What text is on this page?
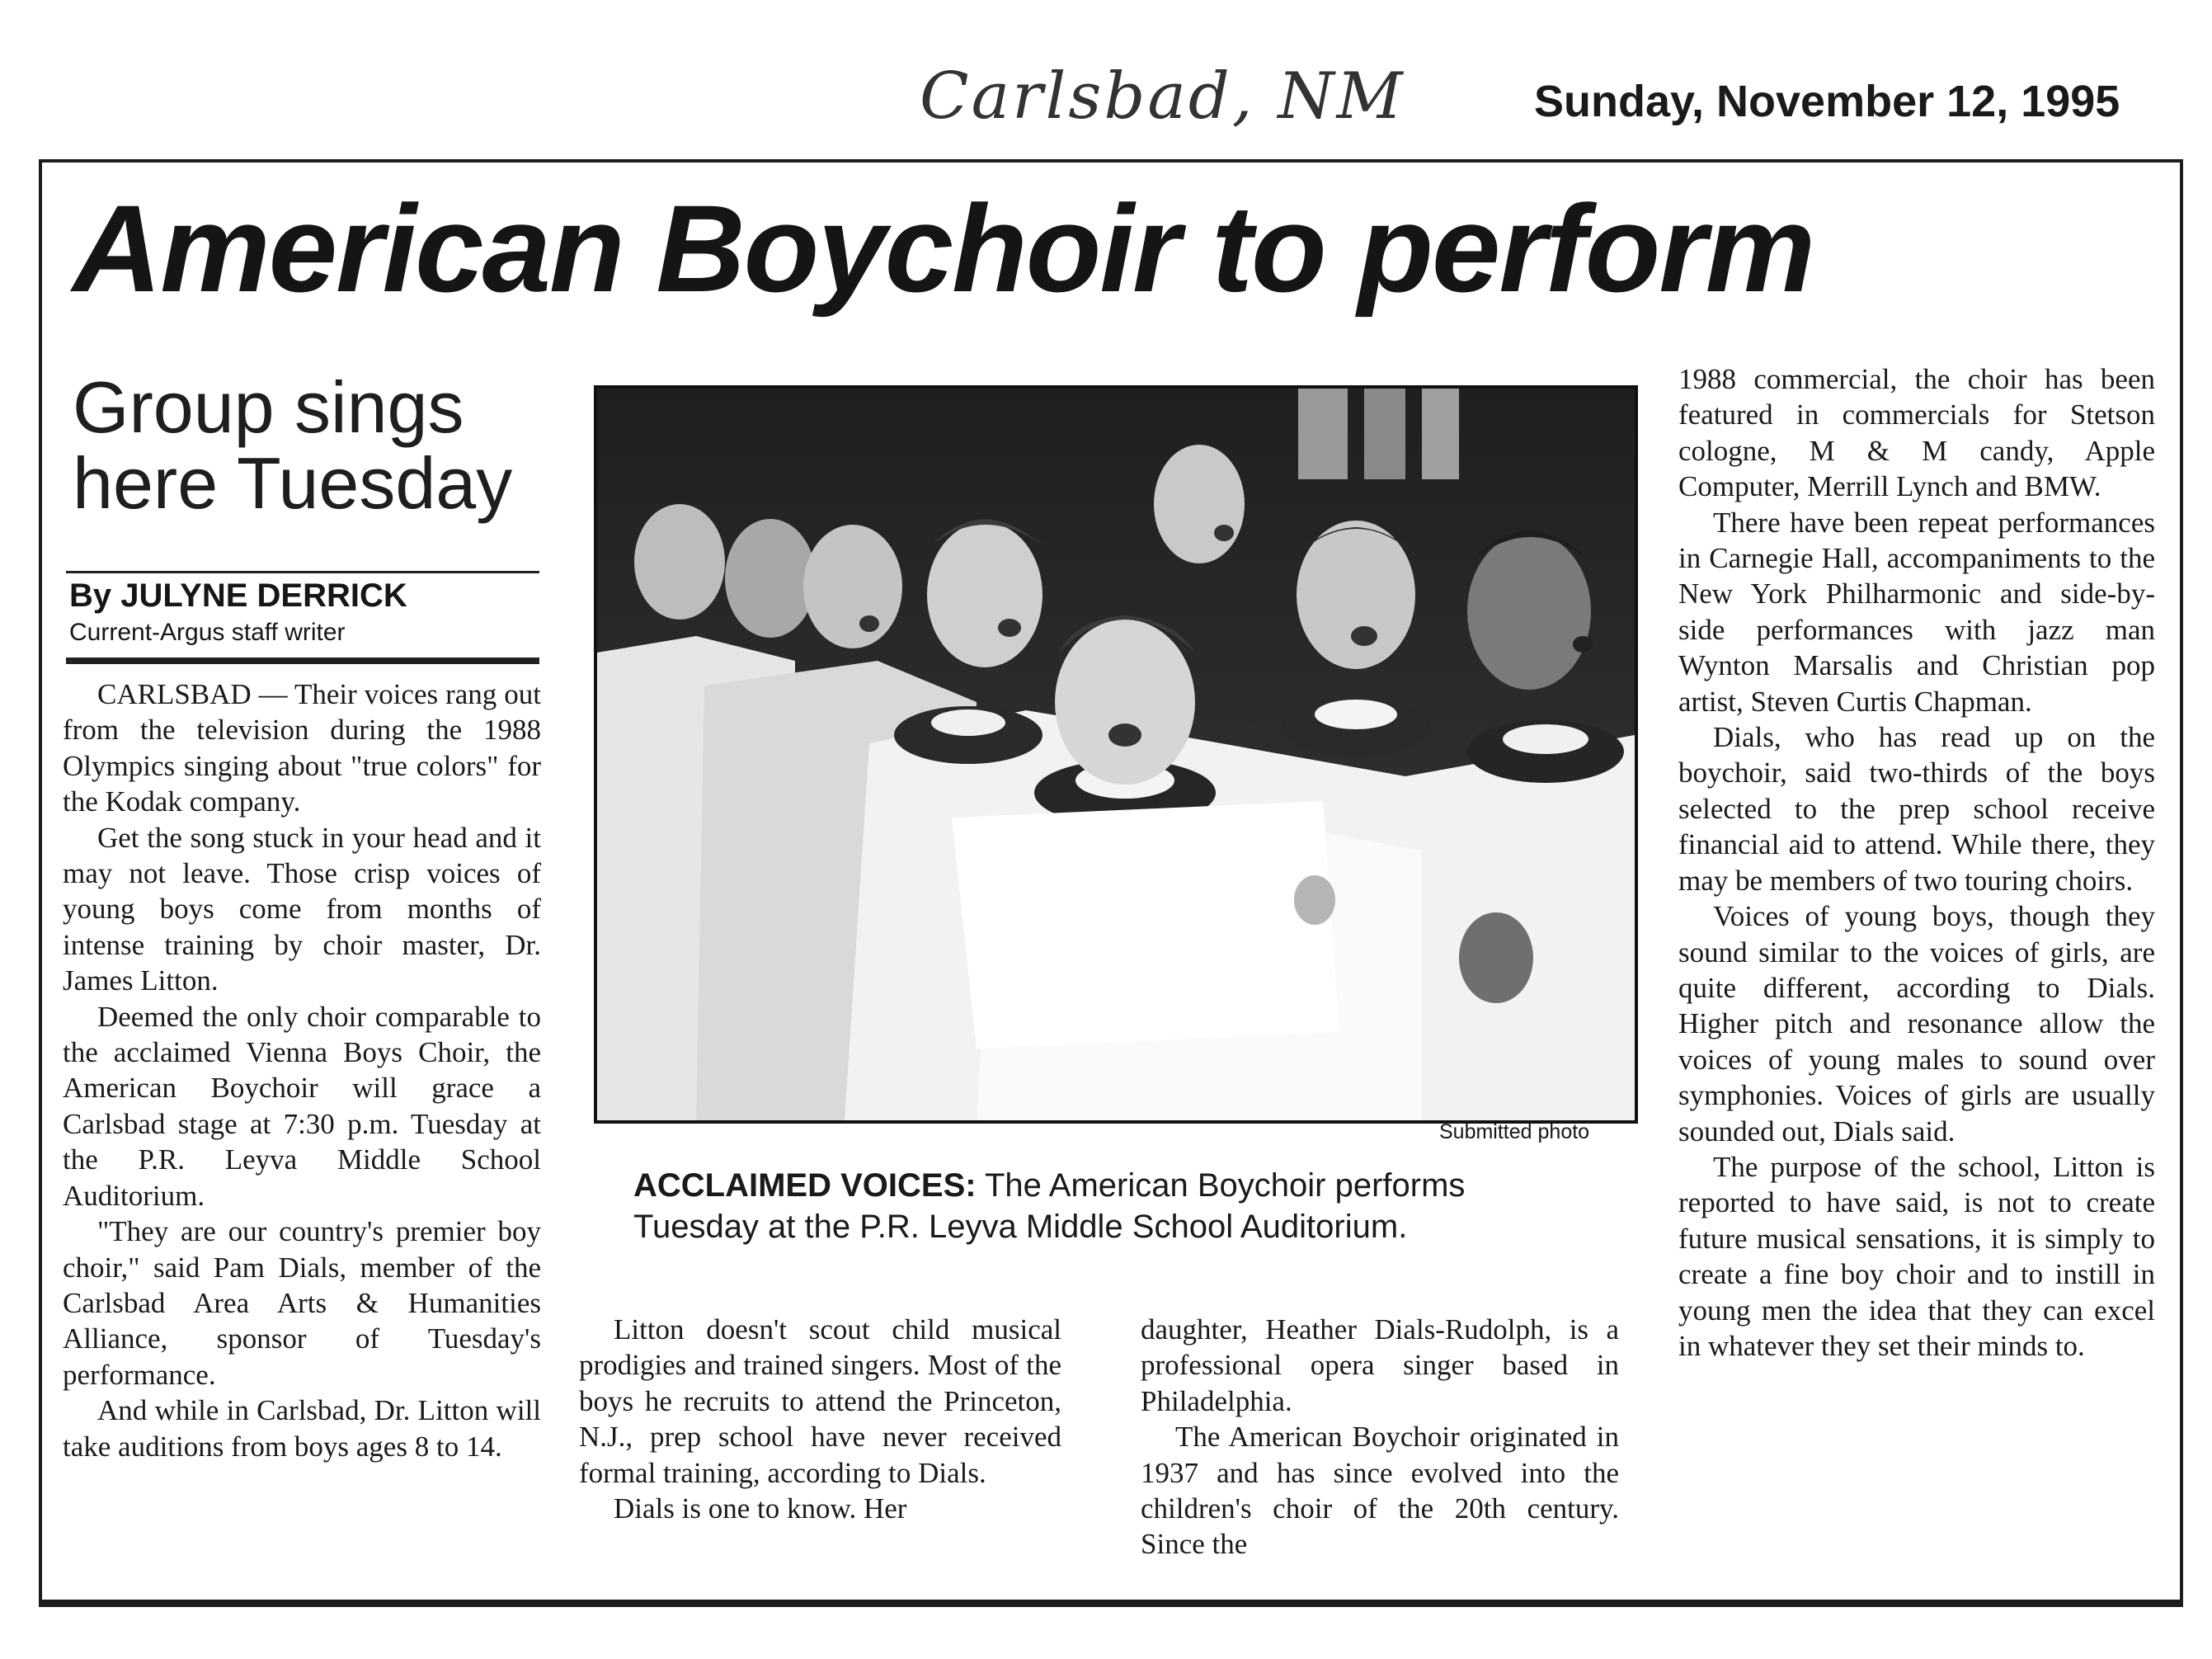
Carlsbad, NM	Sunday, November 12, 1995
American Boychoir to perform
Group sings here Tuesday
By JULYNE DERRICK
Current-Argus staff writer

CARLSBAD — Their voices rang out from the television during the 1988 Olympics singing about "true colors" for the Kodak company.

Get the song stuck in your head and it may not leave. Those crisp voices of young boys come from months of intense training by choir master, Dr. James Litton.

Deemed the only choir comparable to the acclaimed Vienna Boys Choir, the American Boychoir will grace a Carlsbad stage at 7:30 p.m. Tuesday at the P.R. Leyva Middle School Auditorium.

"They are our country's premier boy choir," said Pam Dials, member of the Carlsbad Area Arts & Humanities Alliance, sponsor of Tuesday's performance.

And while in Carlsbad, Dr. Litton will take auditions from boys ages 8 to 14.

Submitted photo
ACCLAIMED VOICES: The American Boychoir performs Tuesday at the P.R. Leyva Middle School Auditorium.

Litton doesn't scout child musical prodigies and trained singers. Most of the boys he recruits to attend the Princeton, N.J., prep school have never received formal training, according to Dials.

Dials is one to know. Her

daughter, Heather Dials-Rudolph, is a professional opera singer based in Philadelphia.

The American Boychoir originated in 1937 and has since evolved into the children's choir of the 20th century. Since the

1988 commercial, the choir has been featured in commercials for Stetson cologne, M & M candy, Apple Computer, Merrill Lynch and BMW.

There have been repeat performances in Carnegie Hall, accompaniments to the New York Philharmonic and side-by-side performances with jazz man Wynton Marsalis and Christian pop artist, Steven Curtis Chapman.

Dials, who has read up on the boychoir, said two-thirds of the boys selected to the prep school receive financial aid to attend. While there, they may be members of two touring choirs.

Voices of young boys, though they sound similar to the voices of girls, are quite different, according to Dials. Higher pitch and resonance allow the voices of young males to sound over symphonies. Voices of girls are usually sounded out, Dials said.

The purpose of the school, Litton is reported to have said, is not to create future musical sensations, it is simply to create a fine boy choir and to instill in young men the idea that they can excel in whatever they set their minds to.
